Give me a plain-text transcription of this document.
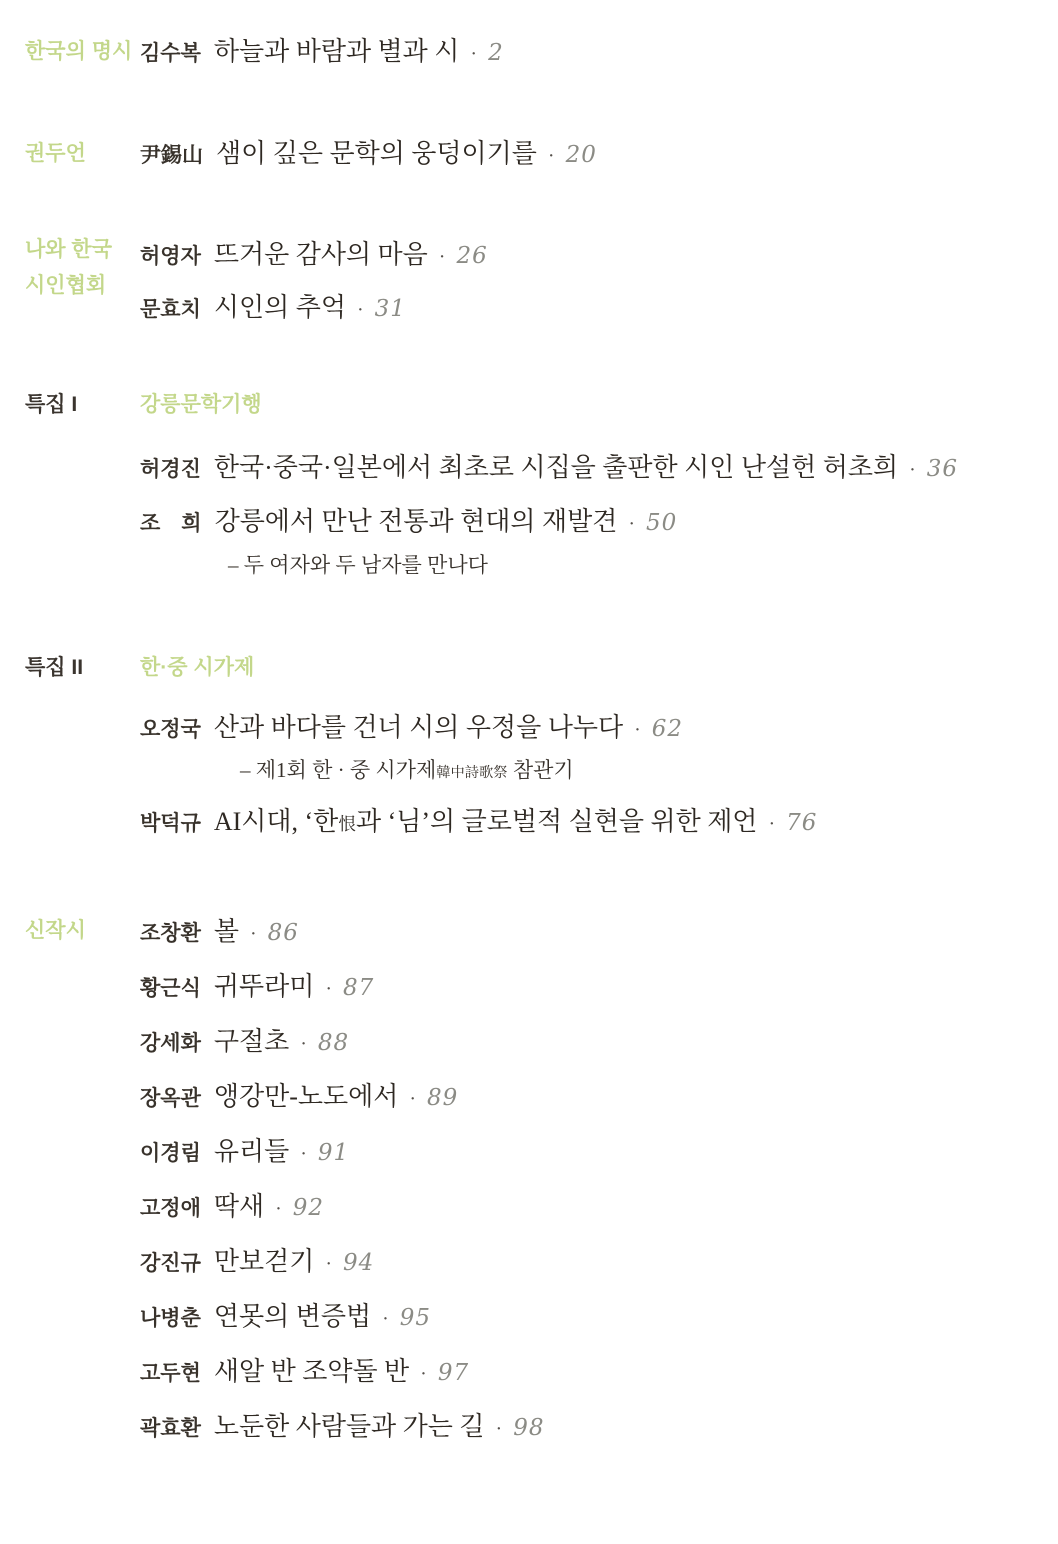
한국의 명시
권두언
나와 한국
시인협회
특집 I
특집 II
신작시
강릉문학기행
한·중 시가제
김수복 하늘과 바람과 별과 시 · 2
尹錫山 샘이 깊은 문학의 웅덩이기를 · 20
허영자 뜨거운 감사의 마음 · 26
문효치 시인의 추억 · 31
허경진 한국·중국·일본에서 최초로 시집을 출판한 시인 난설헌 허초희 · 36
조　희 강릉에서 만난 전통과 현대의 재발견 · 50
– 두 여자와 두 남자를 만나다
오정국 산과 바다를 건너 시의 우정을 나누다 · 62
– 제1회 한 · 중 시가제韓中詩歌祭 참관기
박덕규 AI시대, ‘한恨과 ‘님’의 글로벌적 실현을 위한 제언 · 76
조창환 볼 · 86
황근식 귀뚜라미 · 87
강세화 구절초 · 88
장옥관 앵강만-노도에서 · 89
이경림 유리들 · 91
고정애 딱새 · 92
강진규 만보걷기 · 94
나병춘 연못의 변증법 · 95
고두현 새알 반 조약돌 반 · 97
곽효환 노둔한 사람들과 가는 길 · 98
